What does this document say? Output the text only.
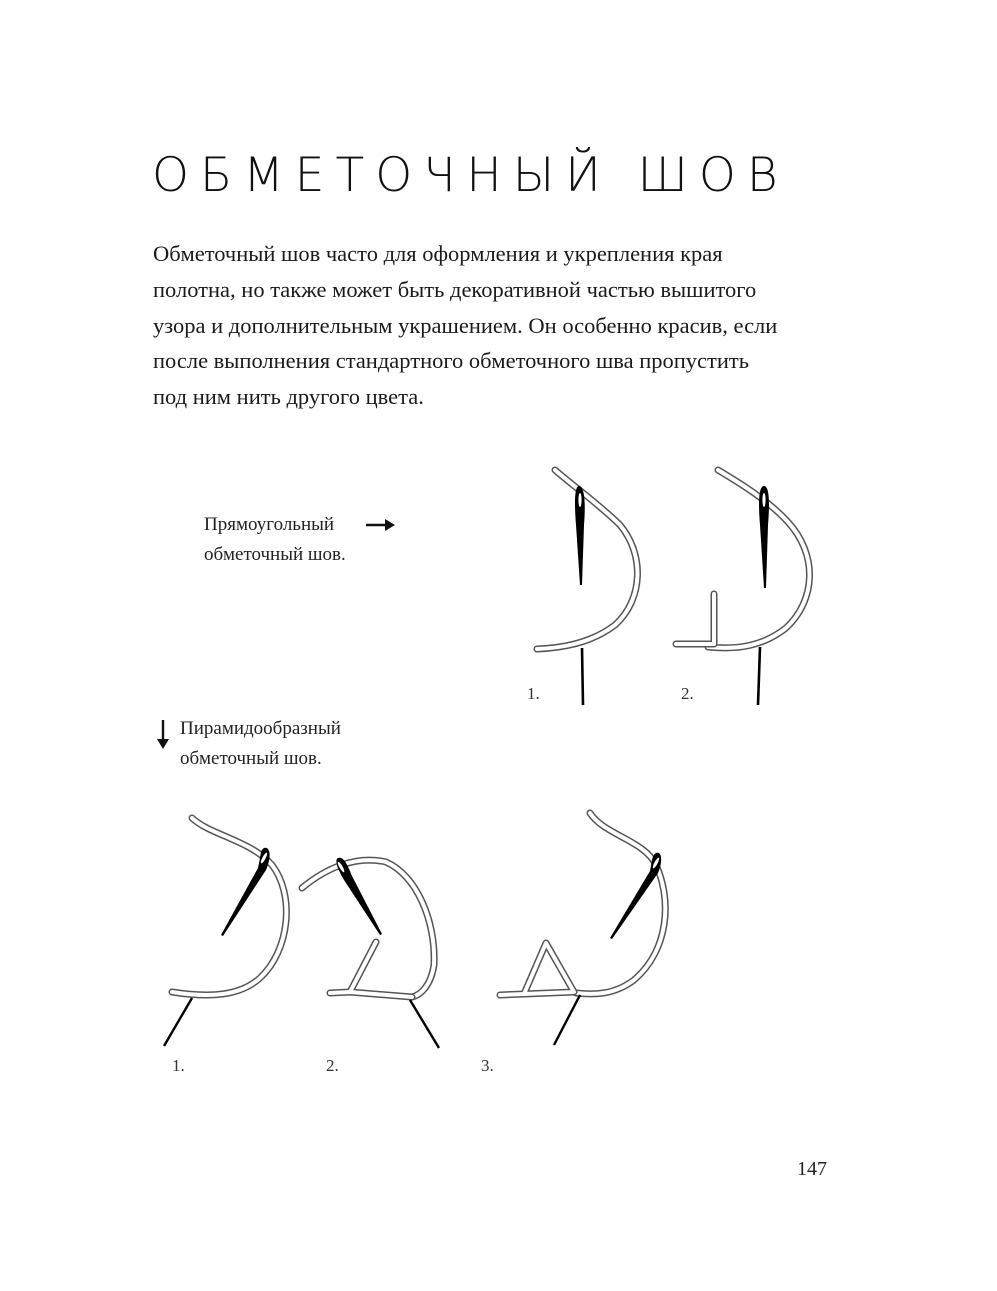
ОБМЕТОЧНЫЙ ШОВ
Обметочный шов часто для оформления и укрепления края
полотна, но также может быть декоративной частью вышитого
узора и дополнительным украшением. Он особенно красив, если
после выполнения стандартного обметочного шва пропустить
под ним нить другого цвета.
Прямоугольный
обметочный шов.
1.	2.
Пирамидообразный
обметочный шов.
1.	2.	3.
147
